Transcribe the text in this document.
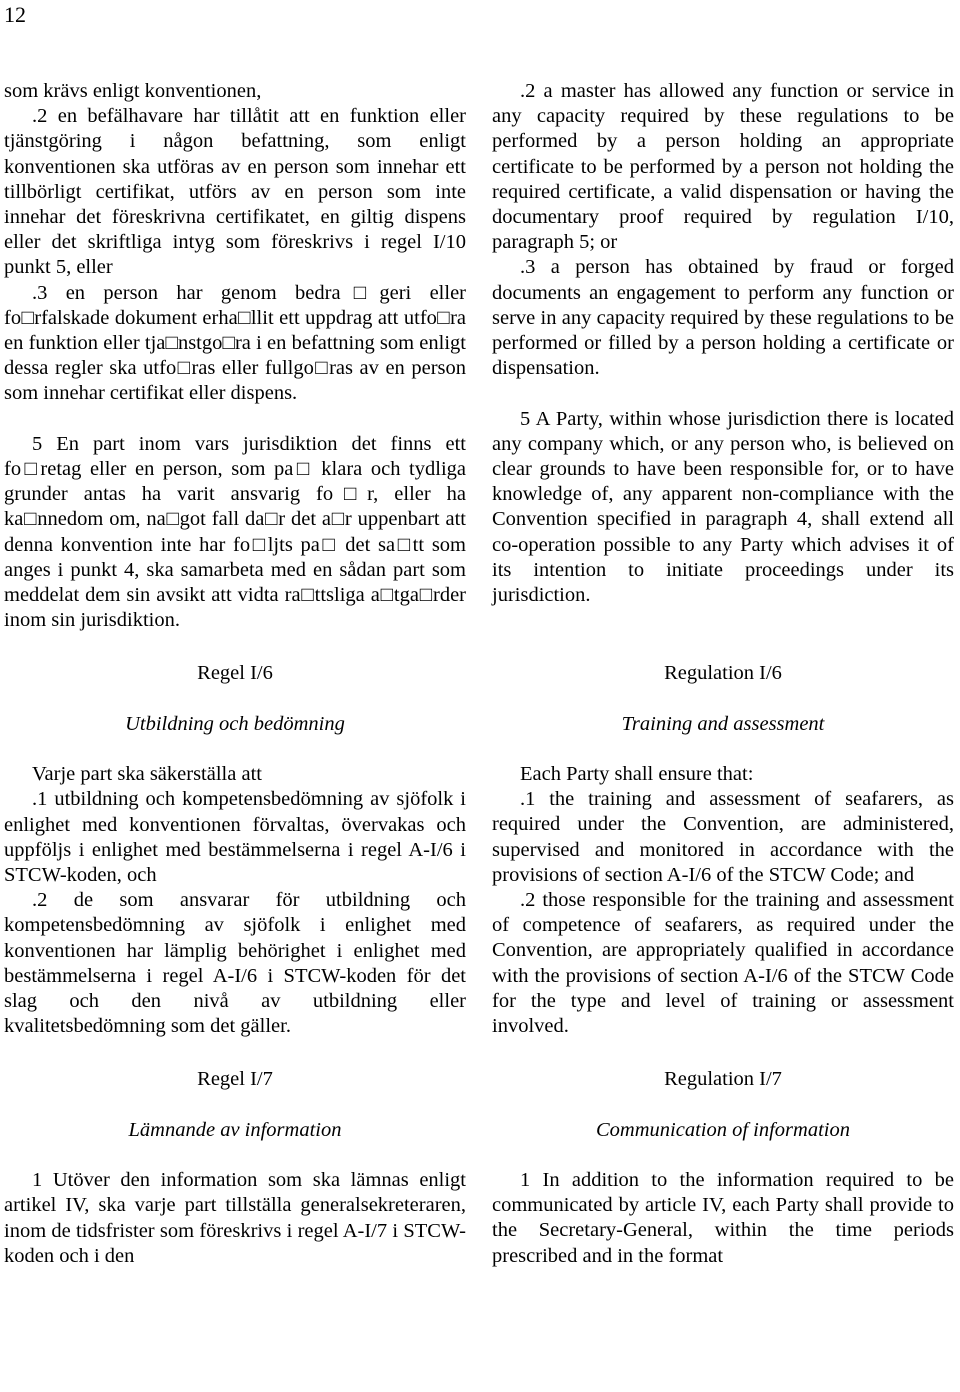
12

som krävs enligt konventionen,

.2 en befälhavare har tillåtit att en funktion eller tjänstgöring i någon befattning, som enligt konventionen ska utföras av en person som innehar ett tillbörligt certifikat, utförs av en person som inte innehar det föreskrivna certifikatet, en giltig dispens eller det skriftliga intyg som föreskrivs i regel I/10 punkt 5, eller

.3 en person har genom bedra□geri eller fo□rfalskade dokument erha□llit ett uppdrag att utfo□ra en funktion eller tja□nstgo□ra i en befattning som enligt dessa regler ska utfo□ras eller fullgo□ras av en person som innehar certifikat eller dispens.

5 En part inom vars jurisdiktion det finns ett fo□retag eller en person, som pa□ klara och tydliga grunder antas ha varit ansvarig fo□r, eller ha ka□nnedom om, na□got fall da□r det a□r uppenbart att denna konvention inte har fo□ljts pa□ det sa□tt som anges i punkt 4, ska samarbeta med en sådan part som meddelat dem sin avsikt att vidta ra□ttsliga a□tga□rder inom sin jurisdiktion.

Regel I/6

Utbildning och bedömning

Varje part ska säkerställa att

.1 utbildning och kompetensbedömning av sjöfolk i enlighet med konventionen förvaltas, övervakas och uppföljs i enlighet med bestämmelserna i regel A-I/6 i STCW-koden, och

.2 de som ansvarar för utbildning och kompetensbedömning av sjöfolk i enlighet med konventionen har lämplig behörighet i enlighet med bestämmelserna i regel A-I/6 i STCW-koden för det slag och den nivå av utbildning eller kvalitetsbedömning som det gäller.

Regel I/7

Lämnande av information

1 Utöver den information som ska lämnas enligt artikel IV, ska varje part tillställa generalsekreteraren, inom de tidsfrister som föreskrivs i regel A-I/7 i STCW-koden och i den

.2 a master has allowed any function or service in any capacity required by these regulations to be performed by a person holding an appropriate certificate to be performed by a person not holding the required certificate, a valid dispensation or having the documentary proof required by regulation I/10, paragraph 5; or

.3 a person has obtained by fraud or forged documents an engagement to perform any function or serve in any capacity required by these regulations to be performed or filled by a person holding a certificate or dispensation.

5 A Party, within whose jurisdiction there is located any company which, or any person who, is believed on clear grounds to have been responsible for, or to have knowledge of, any apparent non-compliance with the Convention specified in paragraph 4, shall extend all co-operation possible to any Party which advises it of its intention to initiate proceedings under its jurisdiction.

Regulation I/6

Training and assessment

Each Party shall ensure that:

.1 the training and assessment of seafarers, as required under the Convention, are administered, supervised and monitored in accordance with the provisions of section A-I/6 of the STCW Code; and

.2 those responsible for the training and assessment of competence of seafarers, as required under the Convention, are appropriately qualified in accordance with the provisions of section A-I/6 of the STCW Code for the type and level of training or assessment involved.

Regulation I/7

Communication of information

1 In addition to the information required to be communicated by article IV, each Party shall provide to the Secretary-General, within the time periods prescribed and in the format
